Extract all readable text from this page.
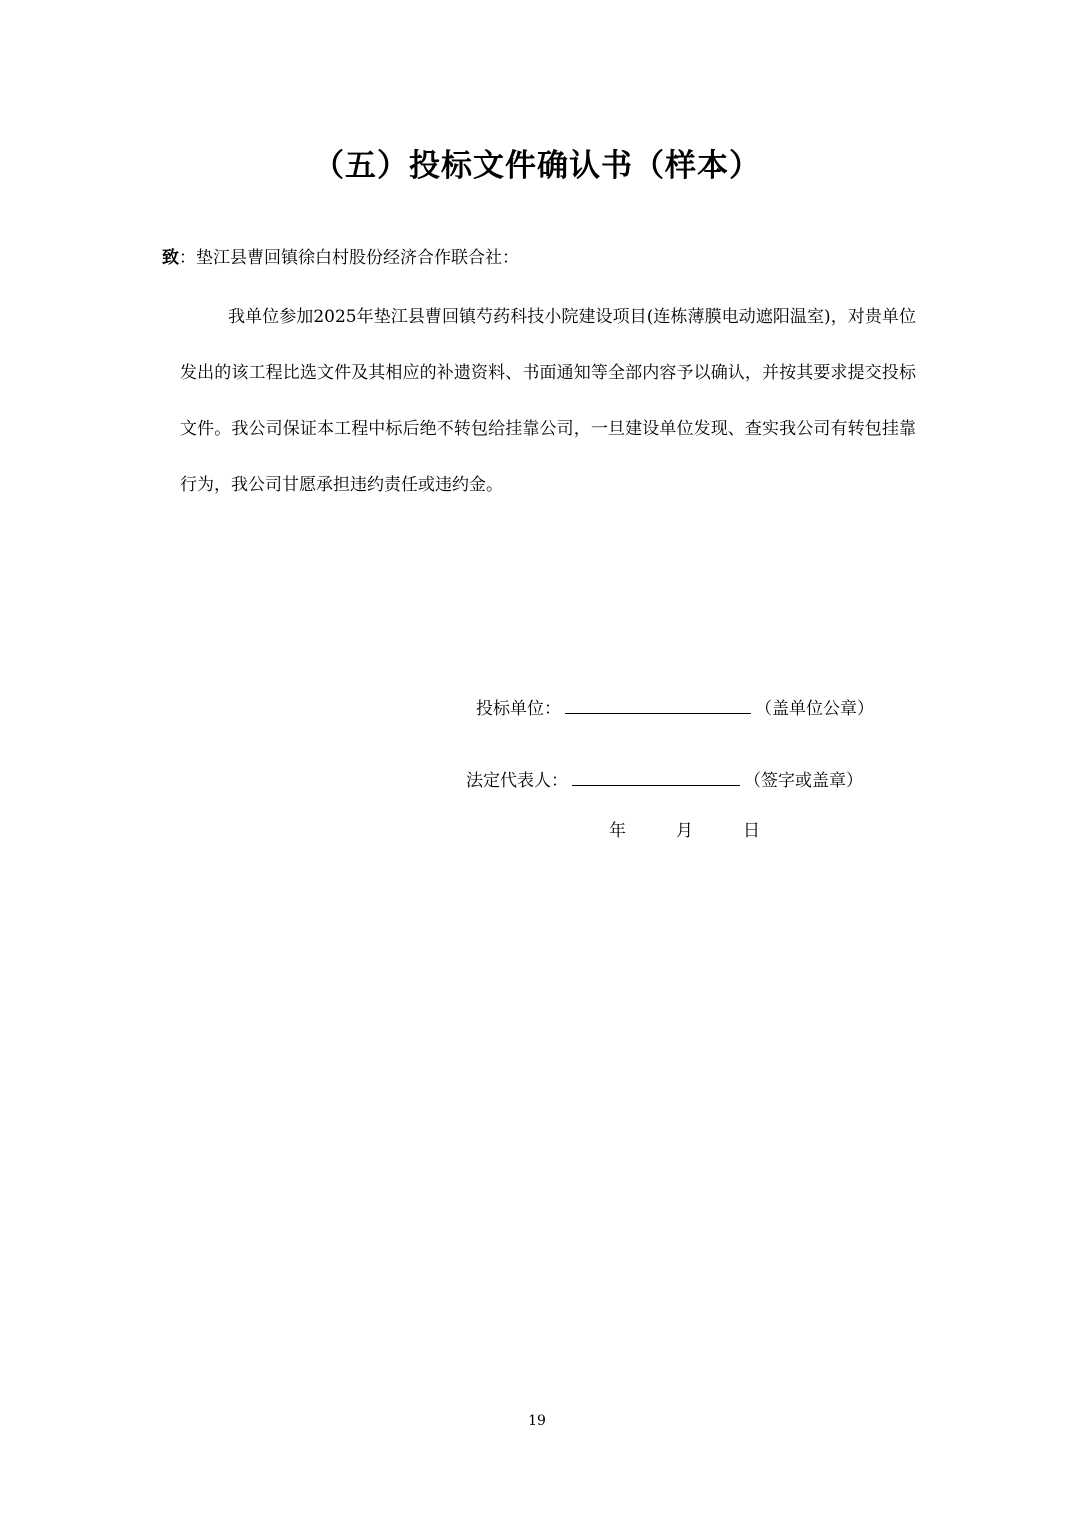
（五）投标文件确认书（样本）
致：垫江县曹回镇徐白村股份经济合作联合社：
我单位参加2025年垫江县曹回镇芍药科技小院建设项目(连栋薄膜电动遮阳温室)，对贵单位发出的该工程比选文件及其相应的补遗资料、书面通知等全部内容予以确认，并按其要求提交投标文件。我公司保证本工程中标后绝不转包给挂靠公司，一旦建设单位发现、查实我公司有转包挂靠行为，我公司甘愿承担违约责任或违约金。
投标单位：	（盖单位公章）
法定代表人：	（签字或盖章）
年	月	日
19
